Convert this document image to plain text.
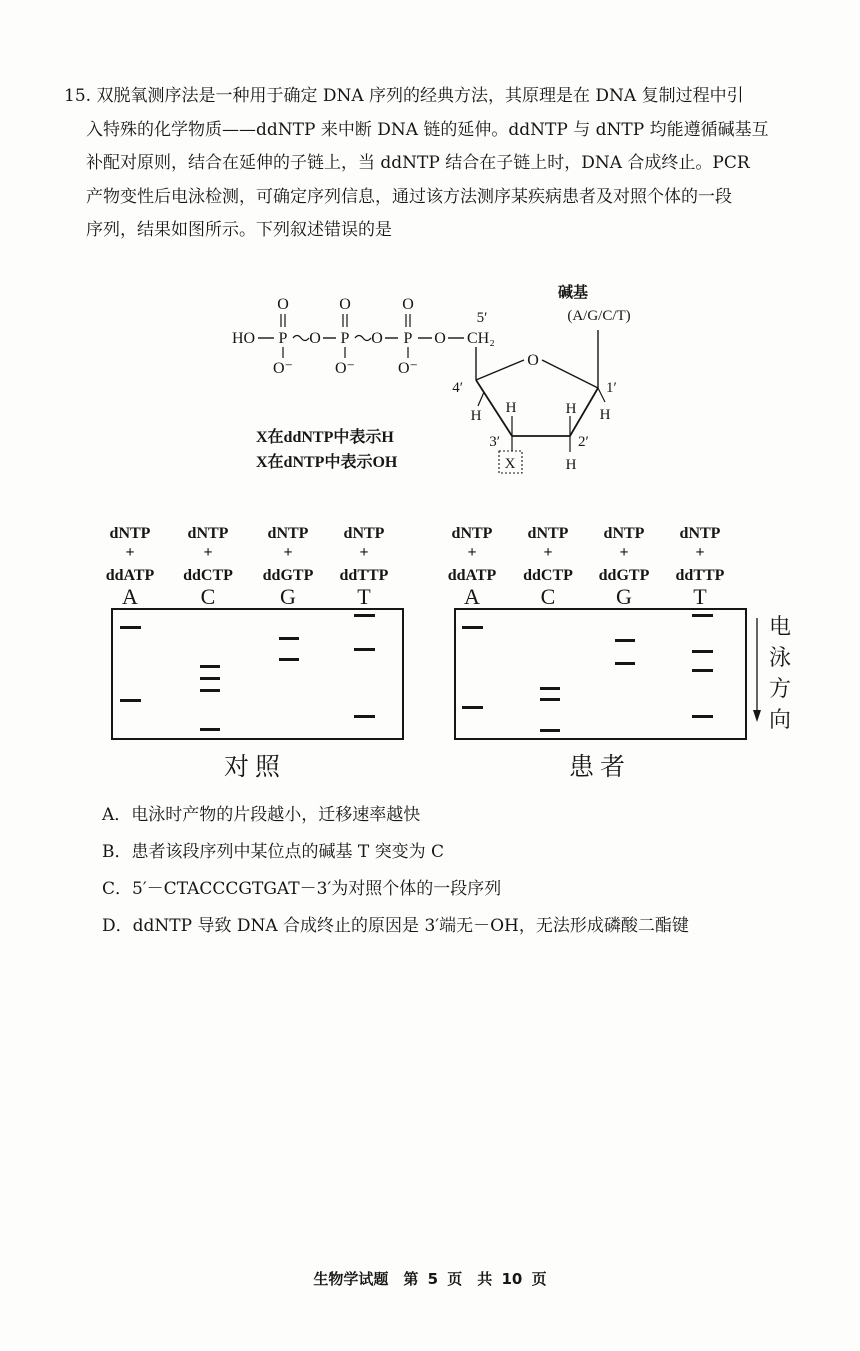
15. 双脱氧测序法是一种用于确定 DNA 序列的经典方法，其原理是在 DNA 复制过程中引
入特殊的化学物质——ddNTP 来中断 DNA 链的延伸。ddNTP 与 dNTP 均能遵循碱基互
补配对原则，结合在延伸的子链上，当 ddNTP 结合在子链上时，DNA 合成终止。PCR
产物变性后电泳检测，可确定序列信息，通过该方法测序某疾病患者及对照个体的一段
序列，结果如图所示。下列叙述错误的是
HO
O
P
O⁻
O
O
P
O⁻
O
O
P
O⁻
O
5′
CH₂
O
碱基
(A/G/C/T)
4′	1′
H H
3′
X
H
2′
H
H
X在ddNTP中表示H
X在dNTP中表示OH
dNTP
+
ddATP
dNTP
+
ddCTP
dNTP
+
ddGTP
dNTP
+
ddTTP
dNTP
+
ddATP
dNTP
+
ddCTP
dNTP
+
ddGTP
dNTP
+
ddTTP
A	C	G	T	A	C	G	T
电
泳
方
向
对照	患者
A．电泳时产物的片段越小，迁移速率越快
B．患者该段序列中某位点的碱基 T 突变为 C
C．5′－CTACCCGTGAT－3′为对照个体的一段序列
D．ddNTP 导致 DNA 合成终止的原因是 3′端无－OH，无法形成磷酸二酯键
生物学试题　第 5 页　共 10 页
